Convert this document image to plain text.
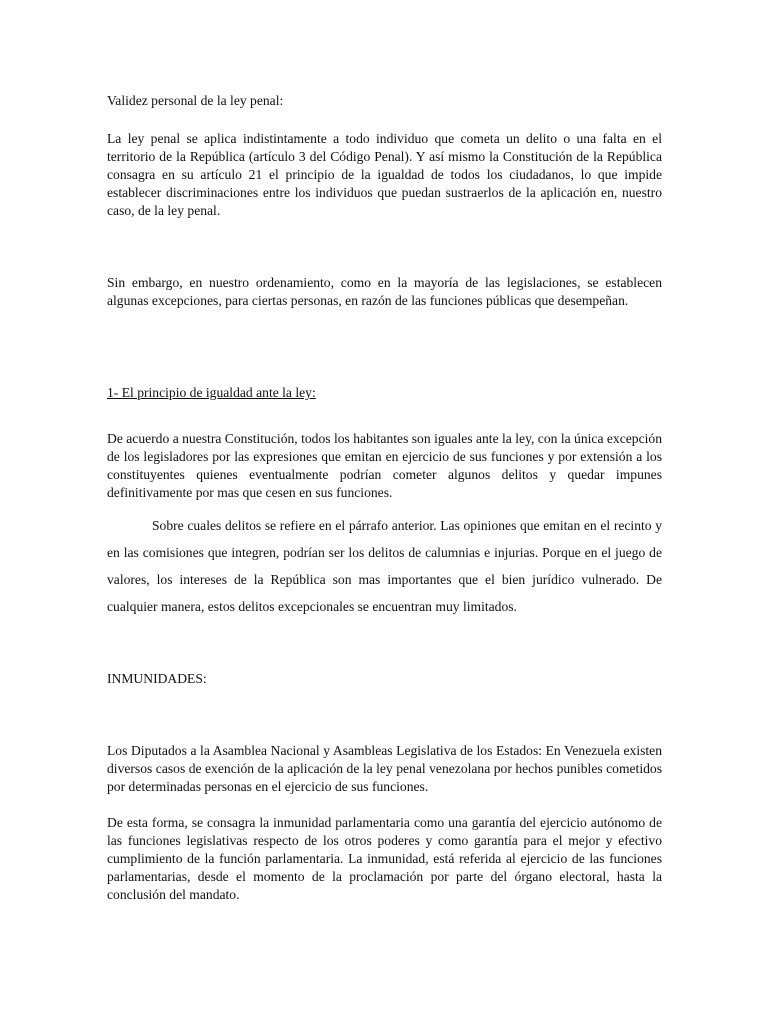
Validez personal de la ley penal:

La ley penal se aplica indistintamente a todo individuo que cometa un delito o una falta en el territorio de la República (artículo 3 del Código Penal). Y así mismo la Constitución de la República consagra en su artículo 21 el principio de la igualdad de todos los ciudadanos, lo que impide establecer discriminaciones entre los individuos que puedan sustraerlos de la aplicación en, nuestro caso, de la ley penal.

Sin embargo, en nuestro ordenamiento, como en la mayoría de las legislaciones, se establecen algunas excepciones, para ciertas personas, en razón de las funciones públicas que desempeñan.

1- El principio de igualdad ante la ley:

De acuerdo a nuestra Constitución, todos los habitantes son iguales ante la ley, con la única excepción de los legisladores por las expresiones que emitan en ejercicio de sus funciones y por extensión a los constituyentes quienes eventualmente podrían cometer algunos delitos y quedar impunes definitivamente por mas que cesen en sus funciones.

Sobre cuales delitos se refiere en el párrafo anterior. Las opiniones que emitan en el recinto y en las comisiones que integren, podrían ser los delitos de calumnias e injurias. Porque en el juego de valores, los intereses de la República son mas importantes que el bien jurídico vulnerado. De cualquier manera, estos delitos excepcionales se encuentran muy limitados.

INMUNIDADES:

Los Diputados a la Asamblea Nacional y Asambleas Legislativa de los Estados: En Venezuela existen diversos casos de exención de la aplicación de la ley penal venezolana por hechos punibles cometidos por determinadas personas en el ejercicio de sus funciones.

De esta forma, se consagra la inmunidad parlamentaria como una garantía del ejercicio autónomo de las funciones legislativas respecto de los otros poderes y como garantía para el mejor y efectivo cumplimiento de la función parlamentaria. La inmunidad, está referida al ejercicio de las funciones parlamentarias, desde el momento de la proclamación por parte del órgano electoral, hasta la conclusión del mandato.
